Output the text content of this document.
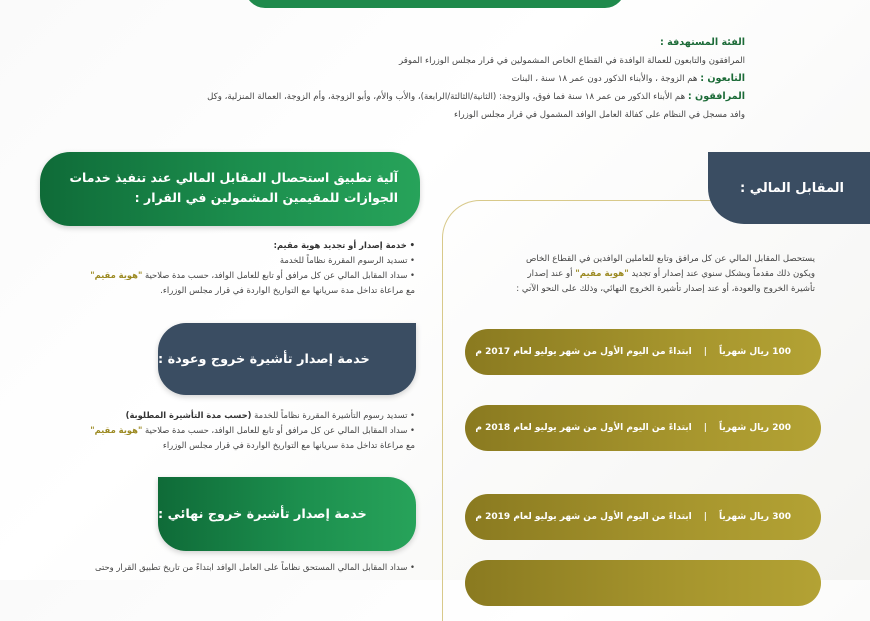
الفئة المستهدفة :
المرافقون والتابعون للعمالة الوافدة في القطاع الخاص المشمولين في قرار مجلس الوزراء الموقر
التابعون : هم الزوجة ، والأبناء الذكور دون عمر ١٨ سنة ، البنات
المرافقون : هم الأبناء الذكور من عمر ١٨ سنة فما فوق، والزوجة: (الثانية/الثالثة/الرابعة)، والأب والأم، وأبو الزوجة، وأم الزوجة، العمالة المنزلية، وكل
وافد مسجل في النظام على كفالة العامل الوافد المشمول في قرار مجلس الوزراء
آلية تطبيق استحصال المقابل المالي عند تنفيذ خدمات الجوازات للمقيمين المشمولين في القرار :
• خدمة إصدار أو تجديد هوية مقيم:
• تسديد الرسوم المقررة نظاماً للخدمة
• سداد المقابل المالي عن كل مرافق أو تابع للعامل الوافد، حسب مدة صلاحية "هوية مقيم"
مع مراعاة تداخل مدة سريانها مع التواريخ الواردة في قرار مجلس الوزراء.
خدمة إصدار تأشيرة خروج وعودة :
• تسديد رسوم التأشيرة المقررة نظاماً للخدمة (حسب مدة التأشيرة المطلوبة)
• سداد المقابل المالي عن كل مرافق أو تابع للعامل الوافد، حسب مدة صلاحية "هوية مقيم"
مع مراعاة تداخل مدة سريانها مع التواريخ الواردة في قرار مجلس الوزراء
خدمة إصدار تأشيرة خروج نهائي :
• سداد المقابل المالي المستحق نظاماً على العامل الوافد ابتداءً من تاريخ تطبيق القرار وحتى
المقابل المالي :
يستحصل المقابل المالي عن كل مرافق وتابع للعاملين الوافدين في القطاع الخاص
ويكون ذلك مقدماً وبشكل سنوي عند إصدار أو تجديد "هوية مقيم" أو عند إصدار
تأشيرة الخروج والعودة، أو عند إصدار تأشيرة الخروج النهائي، وذلك على النحو الآتي :
100 ريال شهرياً
|
ابتداءً من اليوم الأول من شهر يوليو لعام 2017 م
200 ريال شهرياً
|
ابتداءً من اليوم الأول من شهر يوليو لعام 2018 م
300 ريال شهرياً
|
ابتداءً من اليوم الأول من شهر يوليو لعام 2019 م
